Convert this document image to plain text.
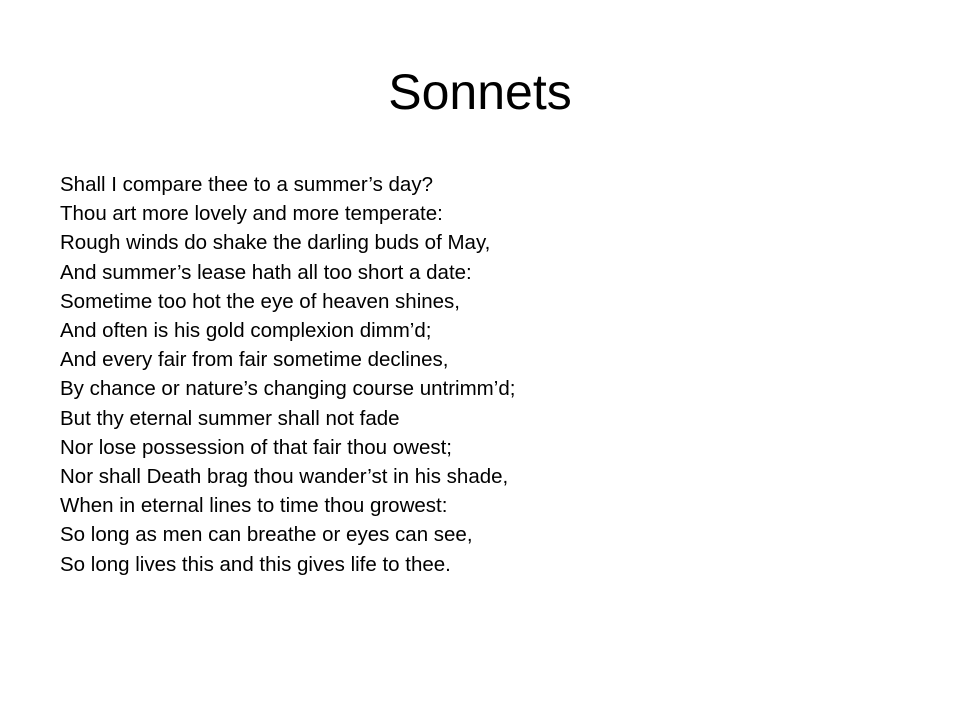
Sonnets
Shall I compare thee to a summer’s day?
Thou art more lovely and more temperate:
Rough winds do shake the darling buds of May,
And summer’s lease hath all too short a date:
Sometime too hot the eye of heaven shines,
And often is his gold complexion dimm’d;
And every fair from fair sometime declines,
By chance or nature’s changing course untrimm’d;
But thy eternal summer shall not fade
Nor lose possession of that fair thou owest;
Nor shall Death brag thou wander’st in his shade,
When in eternal lines to time thou growest:
So long as men can breathe or eyes can see,
So long lives this and this gives life to thee.
